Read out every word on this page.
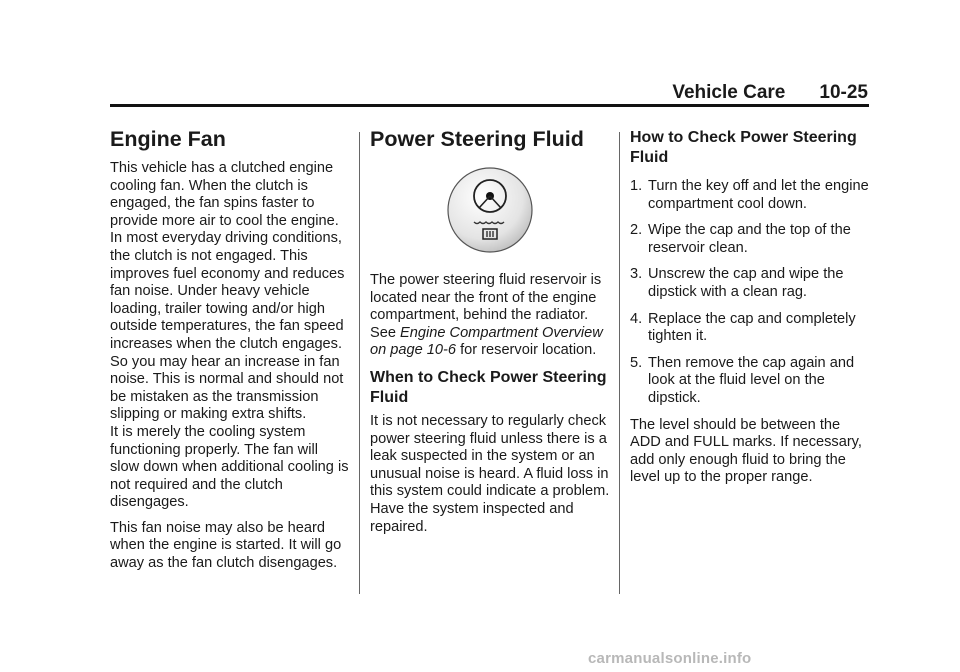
Vehicle Care 10-25
Engine Fan

This vehicle has a clutched engine cooling fan. When the clutch is engaged, the fan spins faster to provide more air to cool the engine. In most everyday driving conditions, the clutch is not engaged. This improves fuel economy and reduces fan noise. Under heavy vehicle loading, trailer towing and/or high outside temperatures, the fan speed increases when the clutch engages. So you may hear an increase in fan noise. This is normal and should not be mistaken as the transmission slipping or making extra shifts.

It is merely the cooling system functioning properly. The fan will slow down when additional cooling is not required and the clutch disengages.

This fan noise may also be heard when the engine is started. It will go away as the fan clutch disengages.

Power Steering Fluid

The power steering fluid reservoir is located near the front of the engine compartment, behind the radiator. See Engine Compartment Overview on page 10-6 for reservoir location.

When to Check Power Steering Fluid

It is not necessary to regularly check power steering fluid unless there is a leak suspected in the system or an unusual noise is heard. A fluid loss in this system could indicate a problem. Have the system inspected and repaired.

How to Check Power Steering Fluid
1. Turn the key off and let the engine compartment cool down.
2. Wipe the cap and the top of the reservoir clean.
3. Unscrew the cap and wipe the dipstick with a clean rag.
4. Replace the cap and completely tighten it.
5. Then remove the cap again and look at the fluid level on the dipstick.

The level should be between the ADD and FULL marks. If necessary, add only enough fluid to bring the level up to the proper range.

carmanualsonline.info
